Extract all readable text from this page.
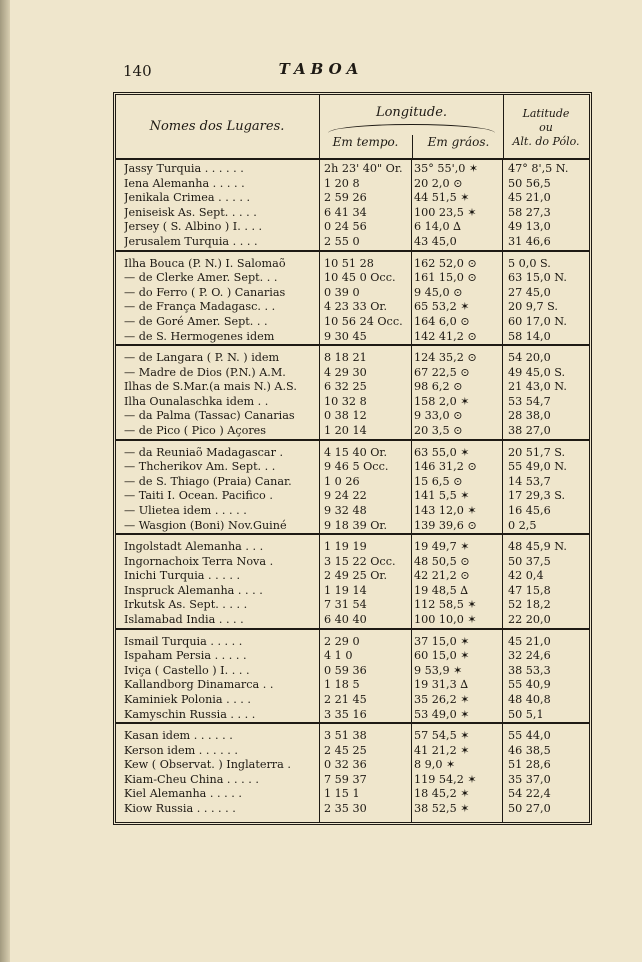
140	TABOA
Nomes dos Lugares.
Longitude.
Em tempo.	Em gráos.
Latitude
ou
Alt. do Pólo.
Jassy Turquia . . . . . .	2h 23' 40" Or.	35° 55',0 ✶	47° 8',5 N.
Iena Alemanha . . . . .	1 20 8	20 2,0 ⊙	50 56,5
Jenikala Crimea . . . . .	2 59 26	44 51,5 ✶	45 21,0
Jeniseisk As. Sept. . . . .	6 41 34	100 23,5 ✶	58 27,3
Jersey ( S. Albino ) I. . . .	0 24 56	6 14,0 ∆	49 13,0
Jerusalem Turquia . . . .	2 55 0	43 45,0	31 46,6
Ilha Bouca (P. N.) I. Salomaõ	10 51 28	162 52,0 ⊙	5 0,0 S.
— de Clerke Amer. Sept. . .	10 45 0 Occ.	161 15,0 ⊙	63 15,0 N.
— do Ferro ( P. O. ) Canarias	0 39 0	9 45,0 ⊙	27 45,0
— de França Madagasc. . .	4 23 33 Or.	65 53,2 ✶	20 9,7 S.
— de Goré Amer. Sept. . .	10 56 24 Occ.	164 6,0 ⊙	60 17,0 N.
— de S. Hermogenes idem	9 30 45	142 41,2 ⊙	58 14,0
— de Langara ( P. N. ) idem	8 18 21	124 35,2 ⊙	54 20,0
— Madre de Dios (P.N.) A.M.	4 29 30	67 22,5 ⊙	49 45,0 S.
Ilhas de S.Mar.(a mais N.) A.S.	6 32 25	98 6,2 ⊙	21 43,0 N.
Ilha Ounalaschka idem . .	10 32 8	158 2,0 ✶	53 54,7
— da Palma (Tassac) Canarias	0 38 12	9 33,0 ⊙	28 38,0
— de Pico ( Pico ) Açores	1 20 14	20 3,5 ⊙	38 27,0
— da Reuniaõ Madagascar .	4 15 40 Or.	63 55,0 ✶	20 51,7 S.
— Thcherikov Am. Sept. . .	9 46 5 Occ.	146 31,2 ⊙	55 49,0 N.
— de S. Thiago (Praia) Canar.	1 0 26	15 6,5 ⊙	14 53,7
— Taiti I. Ocean. Pacifico .	9 24 22	141 5,5 ✶	17 29,3 S.
— Ulietea idem . . . . .	9 32 48	143 12,0 ✶	16 45,6
— Wasgion (Boni) Nov.Guiné	9 18 39 Or.	139 39,6 ⊙	0 2,5
Ingolstadt Alemanha . . .	1 19 19	19 49,7 ✶	48 45,9 N.
Ingornachoix Terra Nova .	3 15 22 Occ.	48 50,5 ⊙	50 37,5
Inichi Turquia . . . . .	2 49 25 Or.	42 21,2 ⊙	42 0,4
Inspruck Alemanha . . . .	1 19 14	19 48,5 ∆	47 15,8
Irkutsk As. Sept. . . . .	7 31 54	112 58,5 ✶	52 18,2
Islamabad India . . . .	6 40 40	100 10,0 ✶	22 20,0
Ismail Turquia . . . . .	2 29 0	37 15,0 ✶	45 21,0
Ispaham Persia . . . . .	4 1 0	60 15,0 ✶	32 24,6
Iviça ( Castello ) I. . . .	0 59 36	9 53,9 ✶	38 53,3
Kallandborg Dinamarca . .	1 18 5	19 31,3 ∆	55 40,9
Kaminiek Polonia . . . .	2 21 45	35 26,2 ✶	48 40,8
Kamyschin Russia . . . .	3 35 16	53 49,0 ✶	50 5,1
Kasan idem . . . . . .	3 51 38	57 54,5 ✶	55 44,0
Kerson idem . . . . . .	2 45 25	41 21,2 ✶	46 38,5
Kew ( Observat. ) Inglaterra .	0 32 36	8 9,0 ✶	51 28,6
Kiam-Cheu China . . . . .	7 59 37	119 54,2 ✶	35 37,0
Kiel Alemanha . . . . .	1 15 1	18 45,2 ✶	54 22,4
Kiow Russia . . . . . .	2 35 30	38 52,5 ✶	50 27,0
